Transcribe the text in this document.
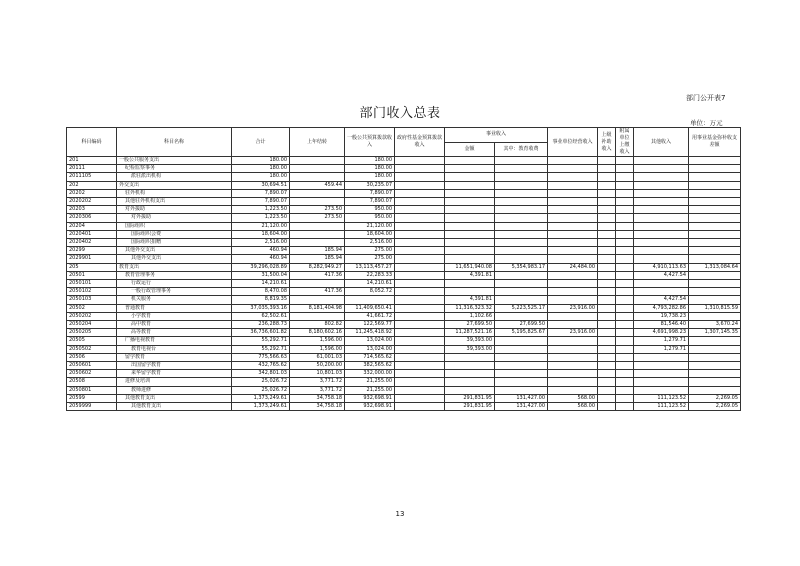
部门公开表7
部门收入总表
单位：万元
科目编码	科目名称	合计	上年结转	一般公共预算拨款收入	政府性基金预算拨款收入	事业收入		事业单位经营收入	上级补助收入	附属单位上缴收入	其他收入	用事业基金弥补收支差额
						金额	其中：教育收费					
201	一般公共服务支出	180.00		180.00								
20111	纪检监察事务	180.00		180.00								
2011105	派驻派出机构	180.00		180.00								
202	外交支出	30,694.51	459.44	30,235.07								
20202	驻外机构	7,890.07		7,890.07								
2020202	其他驻外机构支出	7,890.07		7,890.07								
20203	对外援助	1,223.50	273.50	950.00								
2020306	对外援助	1,223.50	273.50	950.00								
20204	国际组织	21,120.00		21,120.00								
2020401	国际组织会费	18,604.00		18,604.00								
2020402	国际组织捐赠	2,516.00		2,516.00								
20299	其他外交支出	460.94	185.94	275.00								
2029901	其他外交支出	460.94	185.94	275.00								
205	教育支出	39,296,028.89	8,282,949.27	13,113,457.27		11,651,940.08	5,354,983.17	24,484.00			4,910,113.63	1,313,084.64
20501	教育管理事务	31,500.04	417.36	22,283.33		4,391.81					4,427.54	
2050101	行政运行	14,210.61		14,210.61								
2050102	一般行政管理事务	8,470.08	417.36	8,052.72								
2050103	机关服务	8,819.35				4,391.81					4,427.54	
20502	普通教育	37,035,393.16	8,181,404.98	11,409,650.41		11,316,323.32	5,223,525.17	23,916.00			4,793,282.86	1,310,815.59
2050202	小学教育	62,502.61		41,661.72		1,102.66					19,738.23	
2050204	高中教育	236,288.73	802.82	122,569.77		27,699.50	27,699.50				81,546.40	3,670.24
2050205	高等教育	36,736,601.82	8,180,602.16	11,245,418.92		11,287,521.16	5,195,825.67	23,916.00			4,691,998.23	1,307,145.35
20505	广播电视教育	55,292.71	1,596.00	13,024.00		39,393.00					1,279.71	
2050502	教育电视台	55,292.71	1,596.00	13,024.00		39,393.00					1,279.71	
20506	留学教育	775,566.63	61,001.03	714,565.62								
2050601	出国留学教育	432,765.62	50,200.00	382,565.62								
2050602	来华留学教育	342,801.03	10,801.03	332,000.00								
20508	进修及培训	25,026.72	3,771.72	21,255.00								
2050801	教师进修	25,026.72	3,771.72	21,255.00								
20599	其他教育支出	1,373,249.61	34,758.18	932,698.91		291,831.95	131,427.00	568.00			111,123.52	2,269.05
2059999	其他教育支出	1,373,249.61	34,758.18	932,698.91		291,831.95	131,427.00	568.00			111,123.52	2,269.05
13
